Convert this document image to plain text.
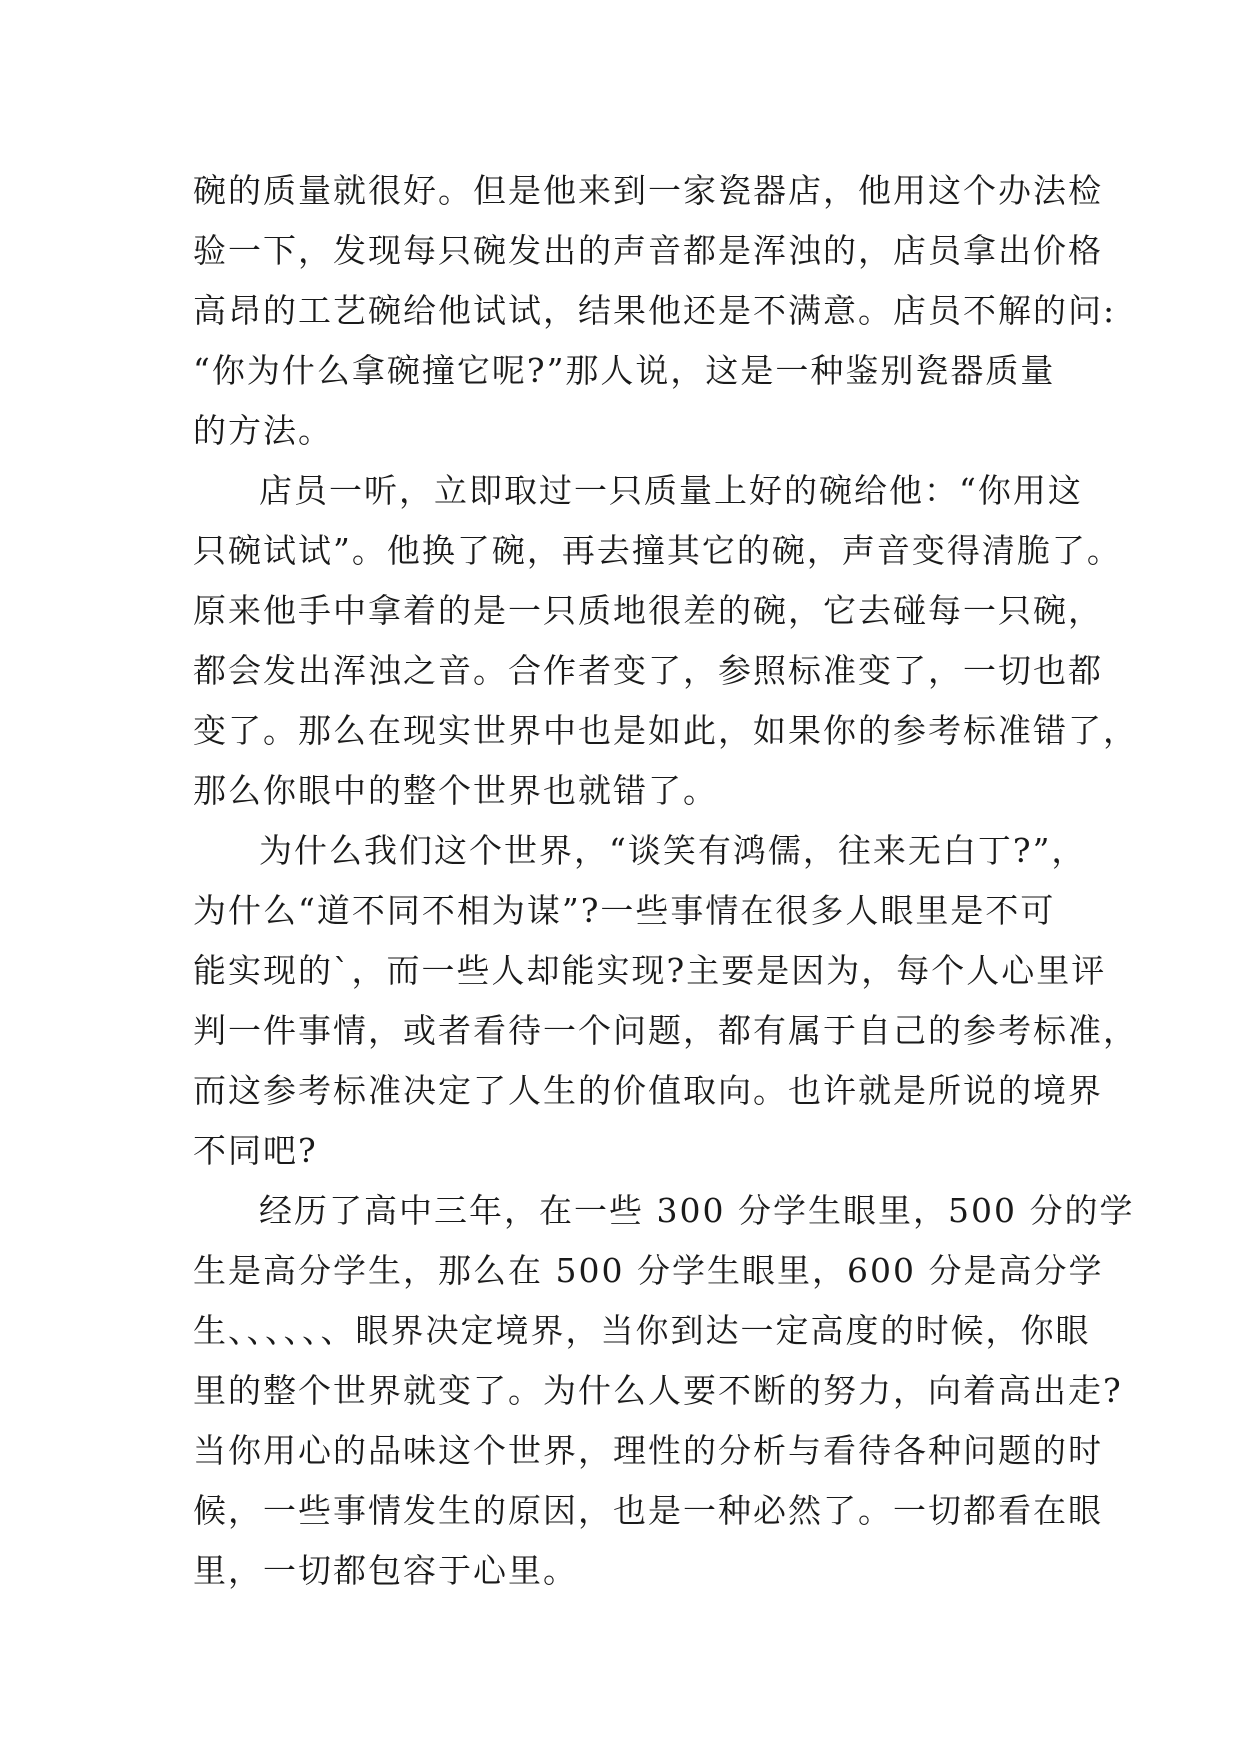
碗的质量就很好。但是他来到一家瓷器店，他用这个办法检
验一下，发现每只碗发出的声音都是浑浊的，店员拿出价格
高昂的工艺碗给他试试，结果他还是不满意。店员不解的问:
“你为什么拿碗撞它呢?”那人说，这是一种鉴别瓷器质量
的方法。
店员一听，立即取过一只质量上好的碗给他：“你用这
只碗试试”。他换了碗，再去撞其它的碗，声音变得清脆了。
原来他手中拿着的是一只质地很差的碗，它去碰每一只碗，
都会发出浑浊之音。合作者变了，参照标准变了，一切也都
变了。那么在现实世界中也是如此，如果你的参考标准错了，
那么你眼中的整个世界也就错了。
为什么我们这个世界，“谈笑有鸿儒，往来无白丁?”，
为什么“道不同不相为谋”?一些事情在很多人眼里是不可
能实现的`，而一些人却能实现?主要是因为，每个人心里评
判一件事情，或者看待一个问题，都有属于自己的参考标准，
而这参考标准决定了人生的价值取向。也许就是所说的境界
不同吧?
经历了高中三年，在一些 300 分学生眼里，500 分的学
生是高分学生，那么在 500 分学生眼里，600 分是高分学
生、、、、、、眼界决定境界，当你到达一定高度的时候，你眼
里的整个世界就变了。为什么人要不断的努力，向着高出走?
当你用心的品味这个世界，理性的分析与看待各种问题的时
候，一些事情发生的原因，也是一种必然了。一切都看在眼
里，一切都包容于心里。
